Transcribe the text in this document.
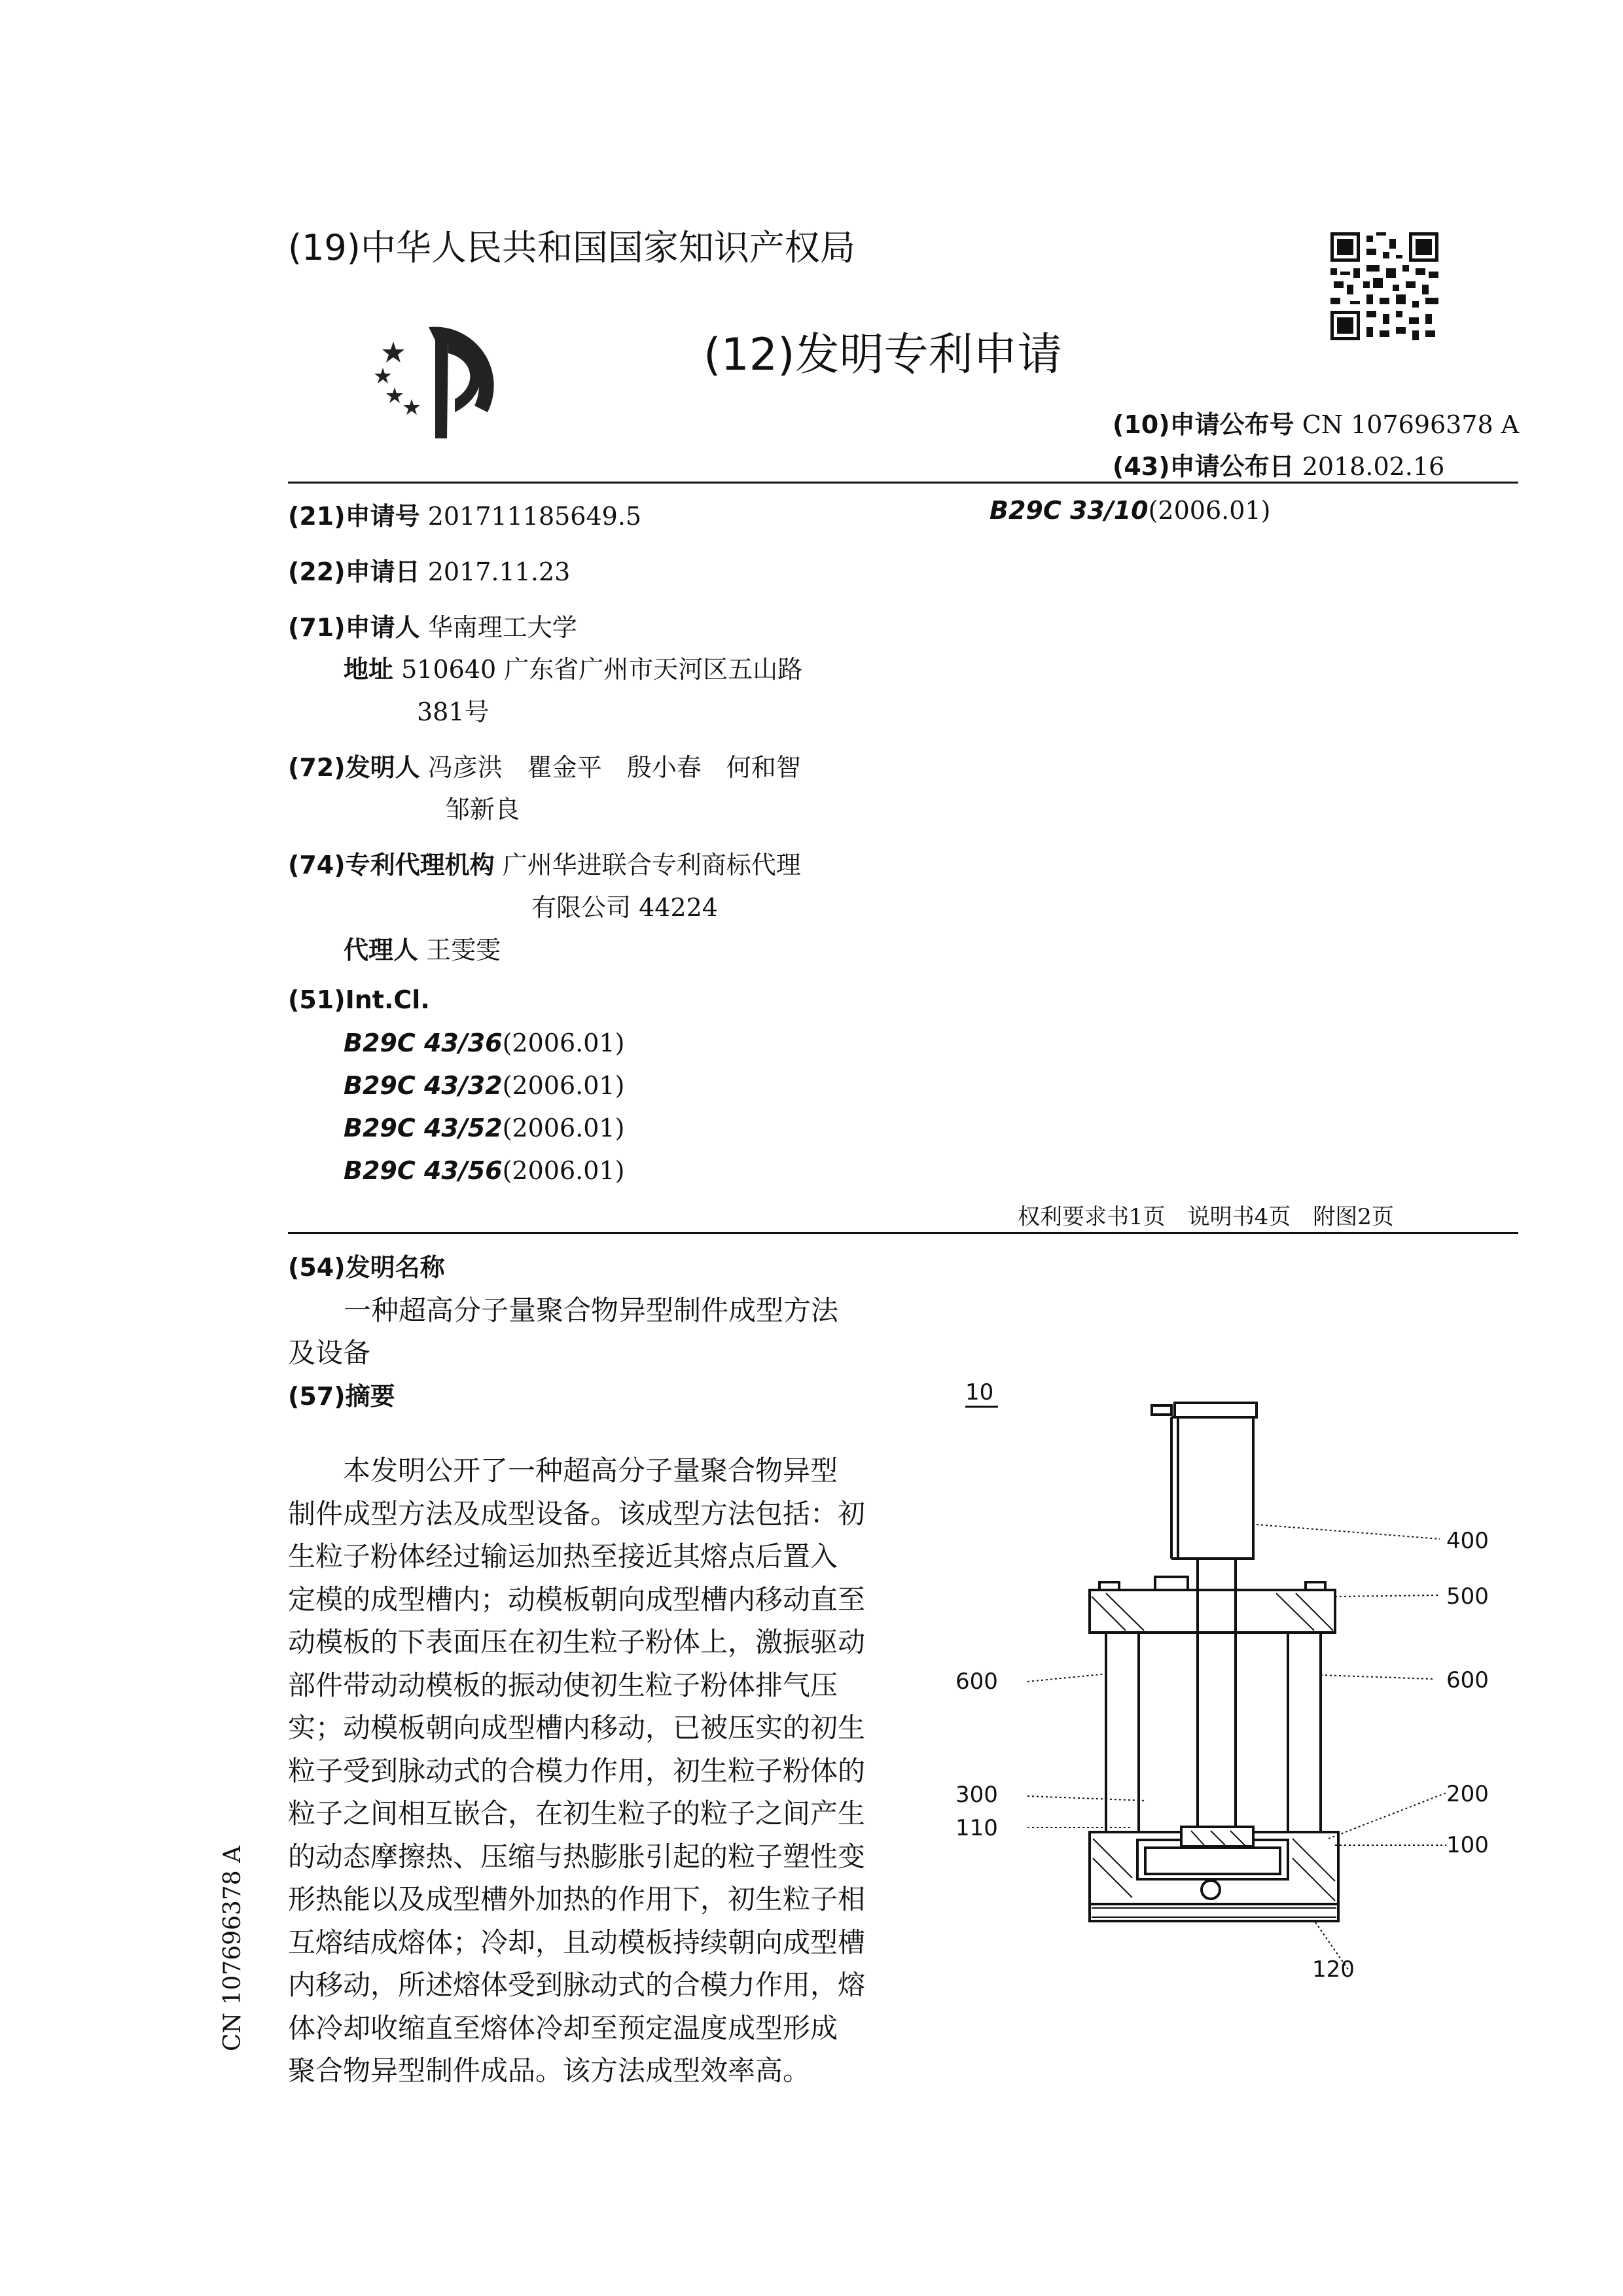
(19)中华人民共和国国家知识产权局
(12)发明专利申请
(10)申请公布号 CN 107696378 A
(43)申请公布日 2018.02.16
(21)申请号 201711185649.5	B29C 33/10(2006.01)
(22)申请日 2017.11.23
(71)申请人 华南理工大学
地址 510640 广东省广州市天河区五山路
381号
(72)发明人 冯彦洪　瞿金平　殷小春　何和智
邹新良
(74)专利代理机构 广州华进联合专利商标代理
有限公司 44224
代理人 王雯雯
(51)Int.Cl.
B29C 43/36(2006.01)
B29C 43/32(2006.01)
B29C 43/52(2006.01)
B29C 43/56(2006.01)
权利要求书1页　说明书4页　附图2页
(54)发明名称
一种超高分子量聚合物异型制件成型方法
及设备
(57)摘要
　　本发明公开了一种超高分子量聚合物异型
制件成型方法及成型设备。该成型方法包括：初
生粒子粉体经过输运加热至接近其熔点后置入
定模的成型槽内；动模板朝向成型槽内移动直至
动模板的下表面压在初生粒子粉体上，激振驱动
部件带动动模板的振动使初生粒子粉体排气压
实；动模板朝向成型槽内移动，已被压实的初生
粒子受到脉动式的合模力作用，初生粒子粉体的
粒子之间相互嵌合，在初生粒子的粒子之间产生
的动态摩擦热、压缩与热膨胀引起的粒子塑性变
形热能以及成型槽外加热的作用下，初生粒子相
互熔结成熔体；冷却，且动模板持续朝向成型槽
内移动，所述熔体受到脉动式的合模力作用，熔
体冷却收缩直至熔体冷却至预定温度成型形成
聚合物异型制件成品。该方法成型效率高。
CN 107696378 A
10
400
500
600	600
300
110
200
100
120
